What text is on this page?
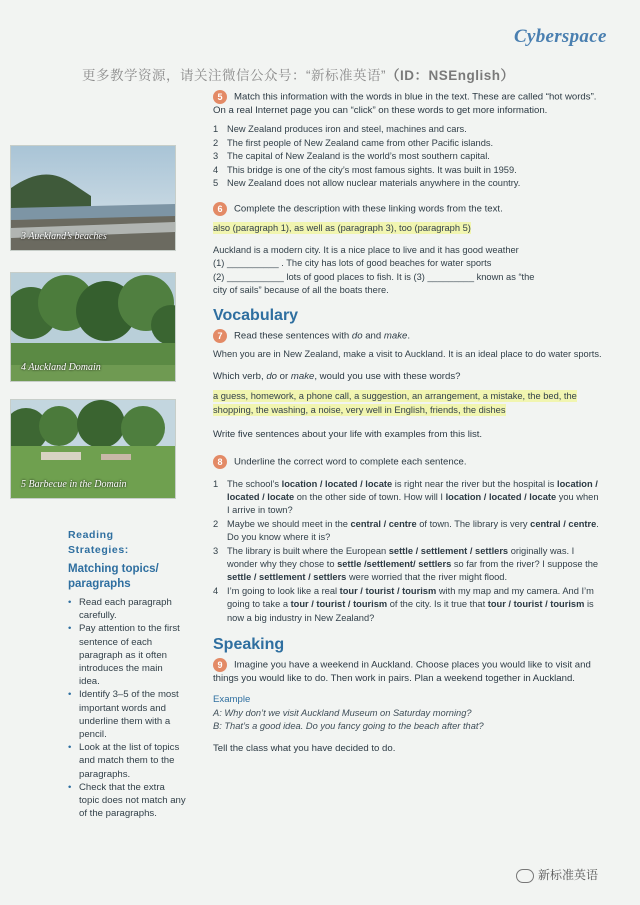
Cyberspace
更多教学资源，请关注微信公众号：“新标准英语”（ID：NSEnglish）
3 Auckland’s beaches
4 Auckland Domain
5 Barbecue in the Domain
Reading
Strategies:
Matching topics/ paragraphs
• Read each paragraph carefully.
• Pay attention to the first sentence of each paragraph as it often introduces the main idea.
• Identify 3–5 of the most important words and underline them with a pencil.
• Look at the list of topics and match them to the paragraphs.
• Check that the extra topic does not match any of the paragraphs.

5 Match this information with the words in blue in the text. These are called “hot words”. On a real Internet page you can “click” on these words to get more information.

1 New Zealand produces iron and steel, machines and cars.
2 The first people of New Zealand came from other Pacific islands.
3 The capital of New Zealand is the world’s most southern capital.
4 This bridge is one of the city’s most famous sights. It was built in 1959.
5 New Zealand does not allow nuclear materials anywhere in the country.

6 Complete the description with these linking words from the text.

also (paragraph 1), as well as (paragraph 3), too (paragraph 5)

Auckland is a modern city. It is a nice place to live and it has good weather
(1) __________ . The city has lots of good beaches for water sports
(2) ___________ lots of good places to fish. It is (3) _________ known as “the
city of sails” because of all the boats there.

Vocabulary

7 Read these sentences with do and make.

When you are in New Zealand, make a visit to Auckland. It is an ideal place to do water sports.

Which verb, do or make, would you use with these words?

a guess, homework, a phone call, a suggestion, an arrangement, a mistake, the bed, the shopping, the washing, a noise, very well in English, friends, the dishes

Write five sentences about your life with examples from this list.

8 Underline the correct word to complete each sentence.

1 The school’s location / located / locate is right near the river but the hospital is location / located / locate on the other side of town. How will I location / located / locate you when I arrive in town?
2 Maybe we should meet in the central / centre of town. The library is very central / centre. Do you know where it is?
3 The library is built where the European settle / settlement / settlers originally was. I wonder why they chose to settle /settlement/ settlers so far from the river? I suppose the settle / settlement / settlers were worried that the river might flood.
4 I’m going to look like a real tour / tourist / tourism with my map and my camera. And I’m going to take a tour / tourist / tourism of the city. Is it true that tour / tourist / tourism is now a big industry in New Zealand?
Speaking

9 Imagine you have a weekend in Auckland. Choose places you would like to visit and things you would like to do. Then work in pairs. Plan a weekend together in Auckland.

Example

A: Why don’t we visit Auckland Museum on Saturday morning?

B: That’s a good idea. Do you fancy going to the beach after that?

Tell the class what you have decided to do.

新标准英语
